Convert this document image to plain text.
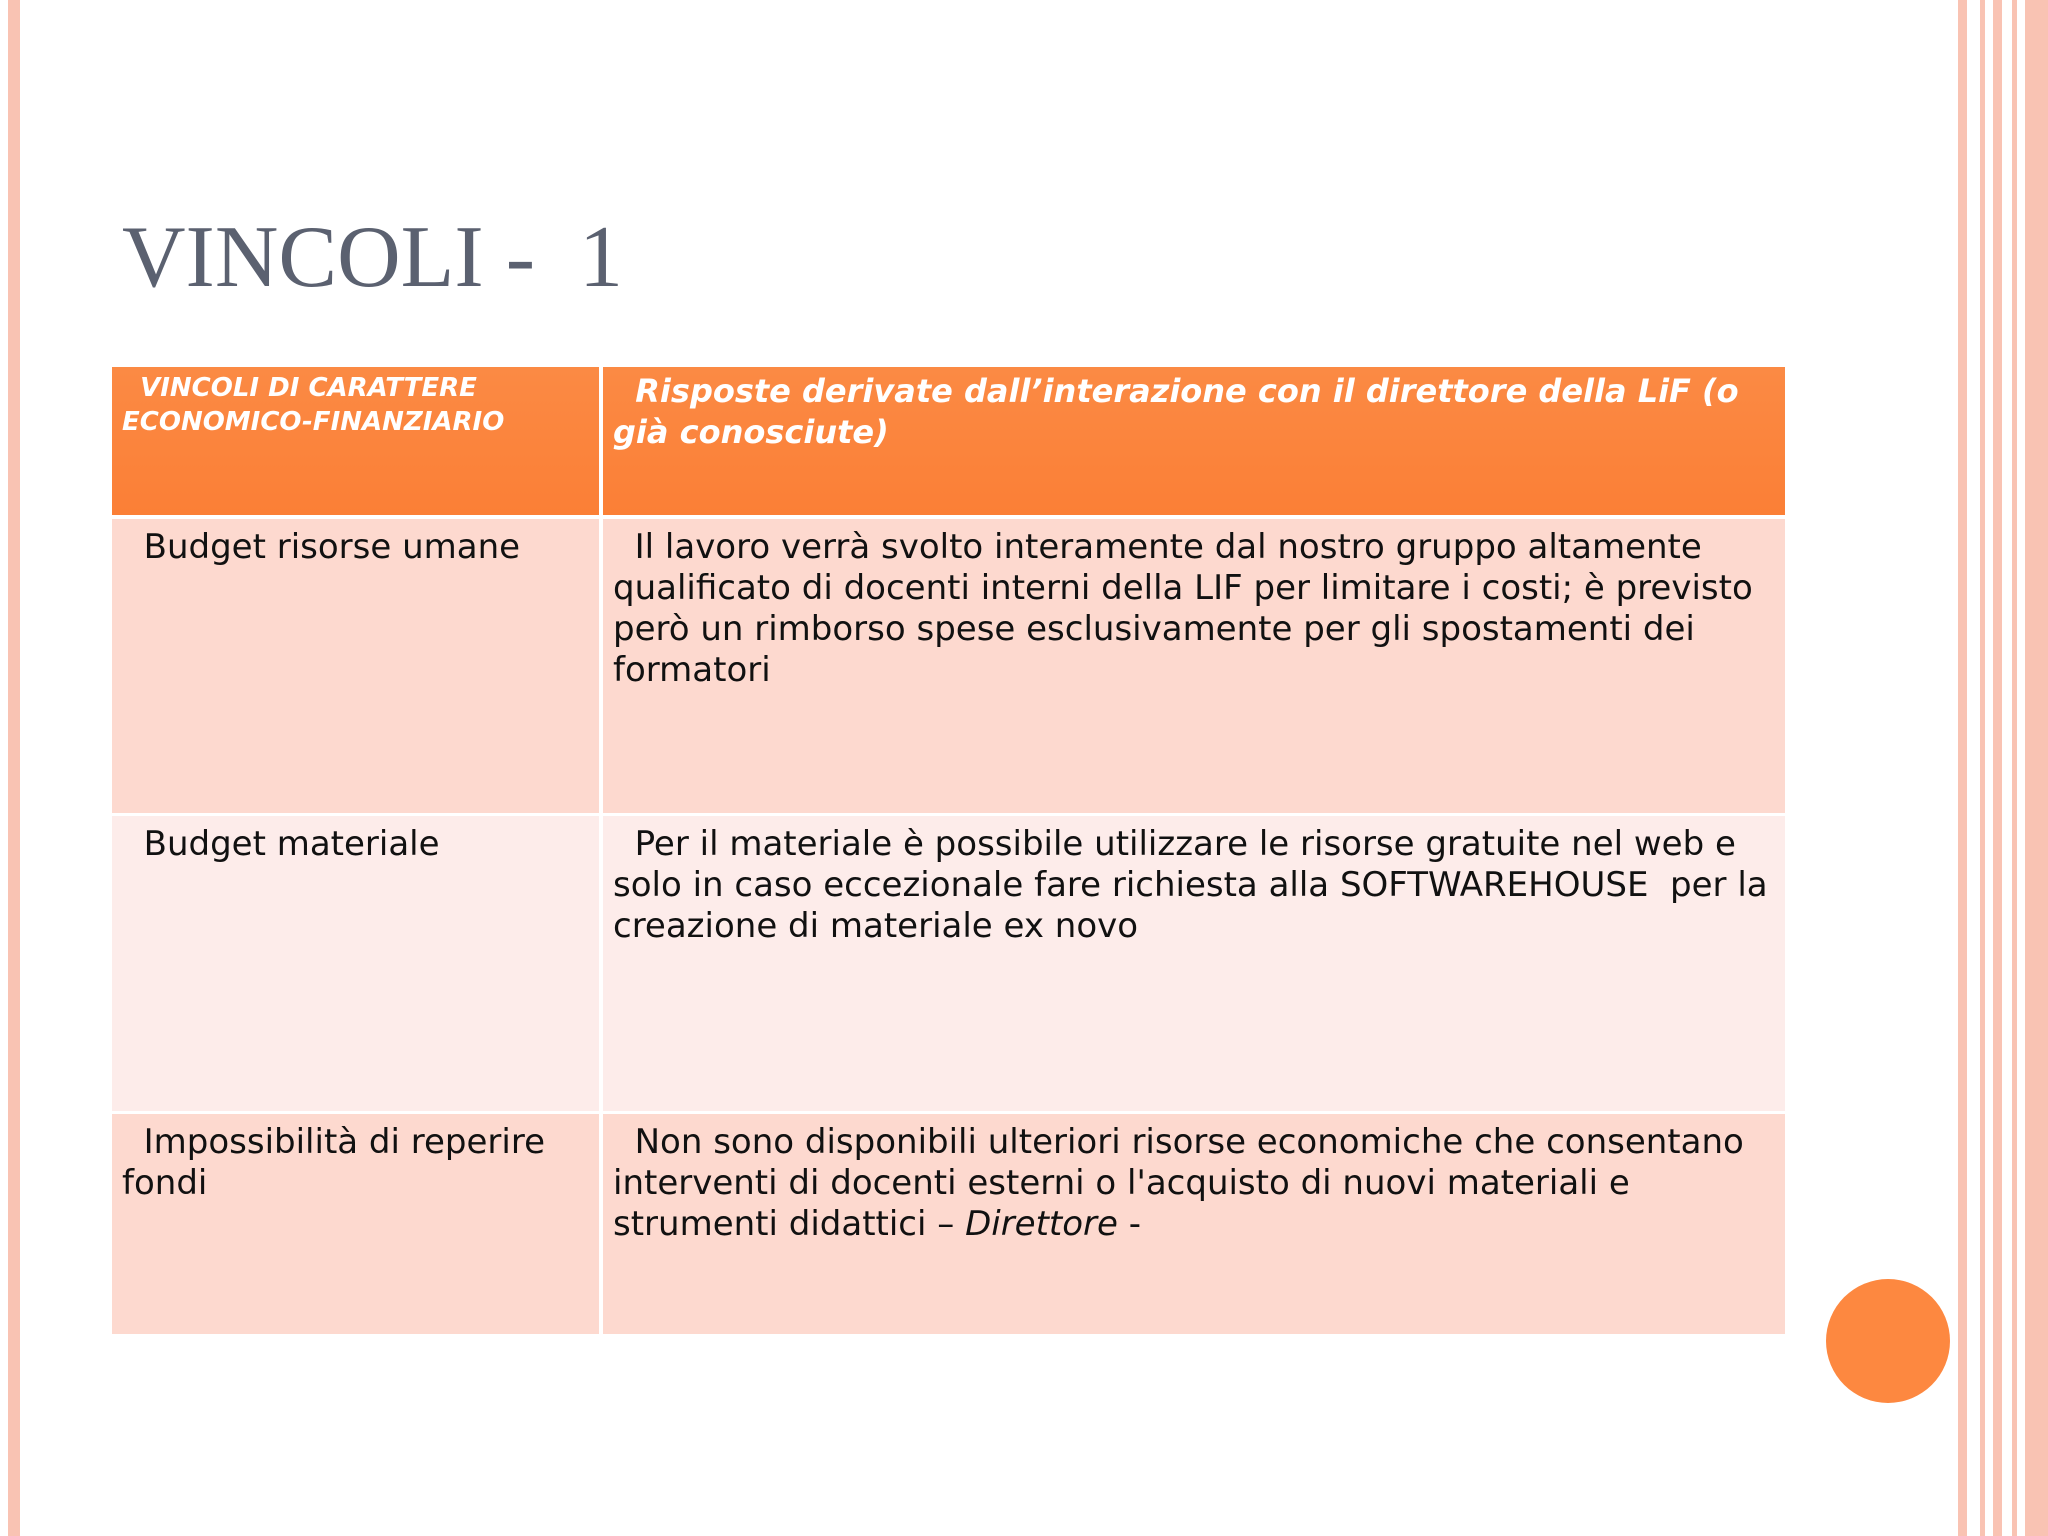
VINCOLI -  1
VINCOLI DI CARATTERE ECONOMICO-FINANZIARIO	Risposte derivate dall’interazione con il direttore della LiF (o già conosciute)
Budget risorse umane	Il lavoro verrà svolto interamente dal nostro gruppo altamente qualificato di docenti interni della LIF per limitare i costi; è previsto però un rimborso spese esclusivamente per gli spostamenti dei formatori
Budget materiale	Per il materiale è possibile utilizzare le risorse gratuite nel web e solo in caso eccezionale fare richiesta alla SOFTWAREHOUSE  per la creazione di materiale ex novo
Impossibilità di reperire fondi	Non sono disponibili ulteriori risorse economiche che consentano interventi di docenti esterni o l'acquisto di nuovi materiali e strumenti didattici – Direttore -
